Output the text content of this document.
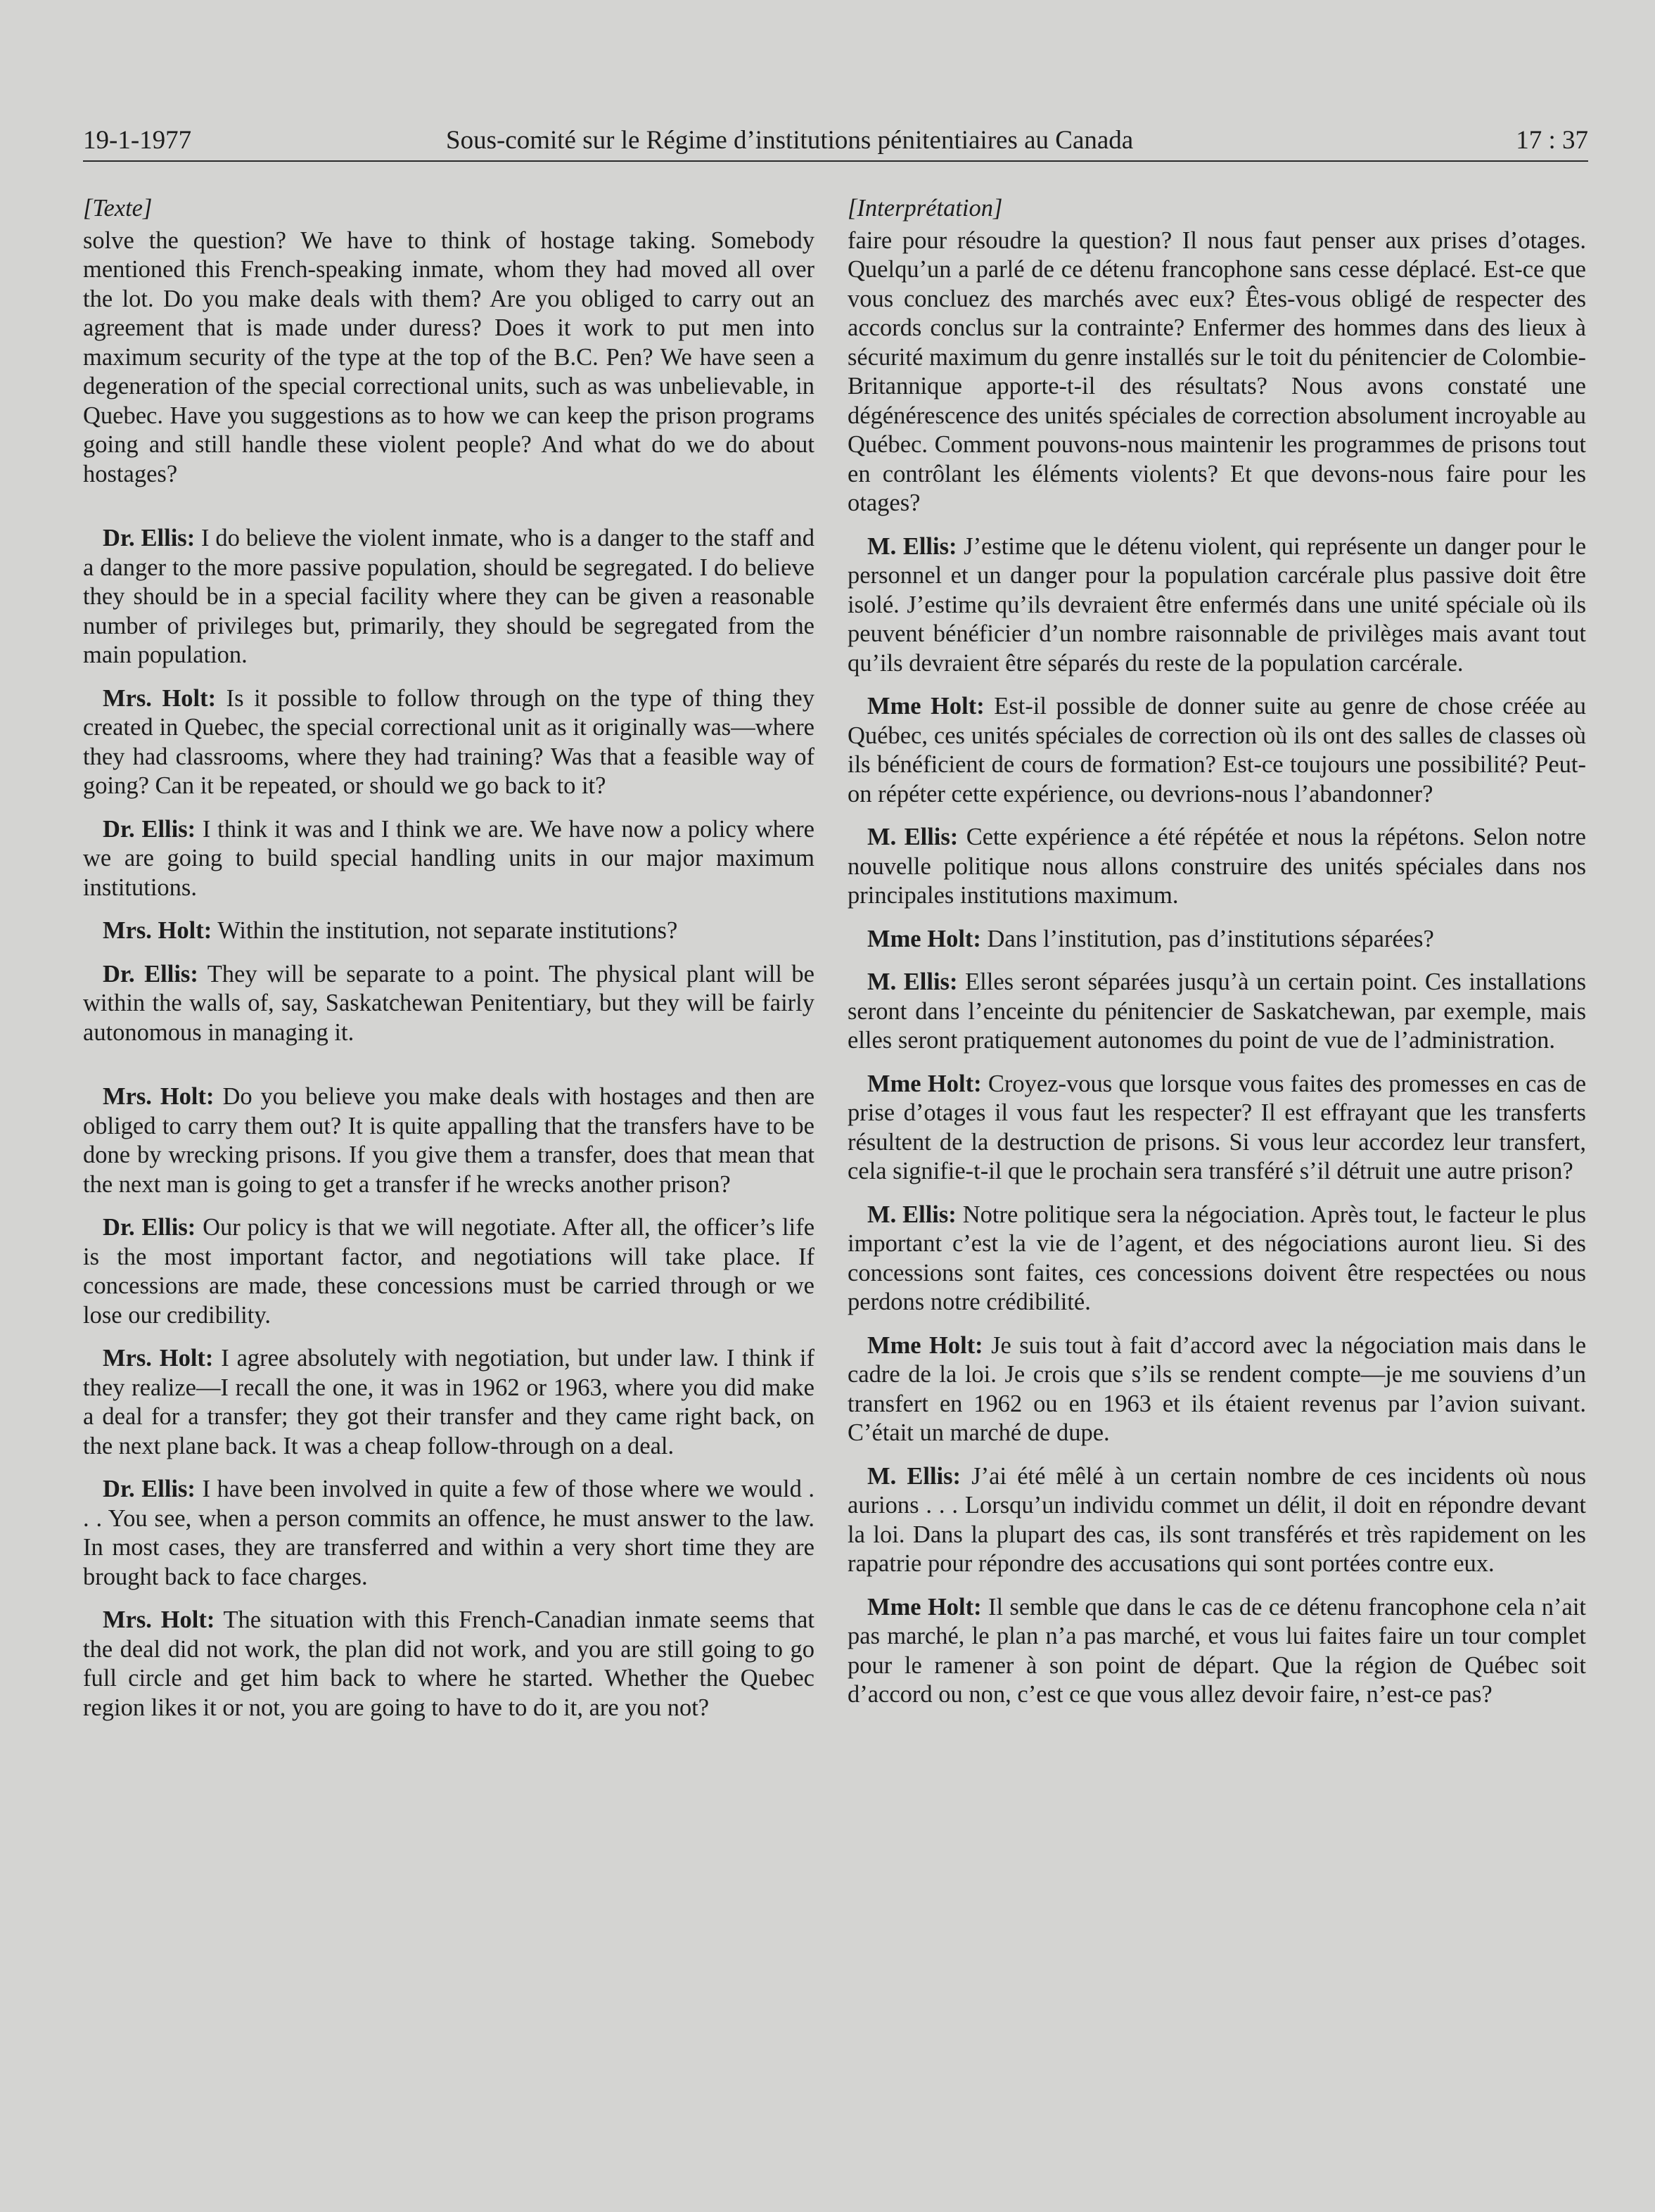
19-1-1977	Sous-comité sur le Régime d’institutions pénitentiaires au Canada	17 : 37
[Texte]

solve the question? We have to think of hostage taking. Somebody mentioned this French-speaking inmate, whom they had moved all over the lot. Do you make deals with them? Are you obliged to carry out an agreement that is made under duress? Does it work to put men into maximum security of the type at the top of the B.C. Pen? We have seen a degeneration of the special correctional units, such as was unbelievable, in Quebec. Have you suggestions as to how we can keep the prison programs going and still handle these violent people? And what do we do about hostages?

Dr. Ellis: I do believe the violent inmate, who is a danger to the staff and a danger to the more passive population, should be segregated. I do believe they should be in a special facility where they can be given a reasonable number of privileges but, primarily, they should be segregated from the main population.

Mrs. Holt: Is it possible to follow through on the type of thing they created in Quebec, the special correctional unit as it originally was—where they had classrooms, where they had training? Was that a feasible way of going? Can it be repeated, or should we go back to it?

Dr. Ellis: I think it was and I think we are. We have now a policy where we are going to build special handling units in our major maximum institutions.

Mrs. Holt: Within the institution, not separate institutions?

Dr. Ellis: They will be separate to a point. The physical plant will be within the walls of, say, Saskatchewan Penitentiary, but they will be fairly autonomous in managing it.

Mrs. Holt: Do you believe you make deals with hostages and then are obliged to carry them out? It is quite appalling that the transfers have to be done by wrecking prisons. If you give them a transfer, does that mean that the next man is going to get a transfer if he wrecks another prison?

Dr. Ellis: Our policy is that we will negotiate. After all, the officer’s life is the most important factor, and negotiations will take place. If concessions are made, these concessions must be carried through or we lose our credibility.

Mrs. Holt: I agree absolutely with negotiation, but under law. I think if they realize—I recall the one, it was in 1962 or 1963, where you did make a deal for a transfer; they got their transfer and they came right back, on the next plane back. It was a cheap follow-through on a deal.

Dr. Ellis: I have been involved in quite a few of those where we would . . . You see, when a person commits an offence, he must answer to the law. In most cases, they are transferred and within a very short time they are brought back to face charges.

Mrs. Holt: The situation with this French-Canadian inmate seems that the deal did not work, the plan did not work, and you are still going to go full circle and get him back to where he started. Whether the Quebec region likes it or not, you are going to have to do it, are you not?

[Interprétation]

faire pour résoudre la question? Il nous faut penser aux prises d’otages. Quelqu’un a parlé de ce détenu francophone sans cesse déplacé. Est-ce que vous concluez des marchés avec eux? Êtes-vous obligé de respecter des accords conclus sur la contrainte? Enfermer des hommes dans des lieux à sécurité maximum du genre installés sur le toit du pénitencier de Colombie-Britannique apporte-t-il des résultats? Nous avons constaté une dégénérescence des unités spéciales de correction absolument incroyable au Québec. Comment pouvons-nous maintenir les programmes de prisons tout en contrôlant les éléments violents? Et que devons-nous faire pour les otages?

M. Ellis: J’estime que le détenu violent, qui représente un danger pour le personnel et un danger pour la population carcérale plus passive doit être isolé. J’estime qu’ils devraient être enfermés dans une unité spéciale où ils peuvent bénéficier d’un nombre raisonnable de privilèges mais avant tout qu’ils devraient être séparés du reste de la population carcérale.

Mme Holt: Est-il possible de donner suite au genre de chose créée au Québec, ces unités spéciales de correction où ils ont des salles de classes où ils bénéficient de cours de formation? Est-ce toujours une possibilité? Peut-on répéter cette expérience, ou devrions-nous l’abandonner?

M. Ellis: Cette expérience a été répétée et nous la répétons. Selon notre nouvelle politique nous allons construire des unités spéciales dans nos principales institutions maximum.

Mme Holt: Dans l’institution, pas d’institutions séparées?

M. Ellis: Elles seront séparées jusqu’à un certain point. Ces installations seront dans l’enceinte du pénitencier de Saskatchewan, par exemple, mais elles seront pratiquement autonomes du point de vue de l’administration.

Mme Holt: Croyez-vous que lorsque vous faites des promesses en cas de prise d’otages il vous faut les respecter? Il est effrayant que les transferts résultent de la destruction de prisons. Si vous leur accordez leur transfert, cela signifie-t-il que le prochain sera transféré s’il détruit une autre prison?

M. Ellis: Notre politique sera la négociation. Après tout, le facteur le plus important c’est la vie de l’agent, et des négociations auront lieu. Si des concessions sont faites, ces concessions doivent être respectées ou nous perdons notre crédibilité.

Mme Holt: Je suis tout à fait d’accord avec la négociation mais dans le cadre de la loi. Je crois que s’ils se rendent compte—je me souviens d’un transfert en 1962 ou en 1963 et ils étaient revenus par l’avion suivant. C’était un marché de dupe.

M. Ellis: J’ai été mêlé à un certain nombre de ces incidents où nous aurions . . . Lorsqu’un individu commet un délit, il doit en répondre devant la loi. Dans la plupart des cas, ils sont transférés et très rapidement on les rapatrie pour répondre des accusations qui sont portées contre eux.

Mme Holt: Il semble que dans le cas de ce détenu francophone cela n’ait pas marché, le plan n’a pas marché, et vous lui faites faire un tour complet pour le ramener à son point de départ. Que la région de Québec soit d’accord ou non, c’est ce que vous allez devoir faire, n’est-ce pas?
